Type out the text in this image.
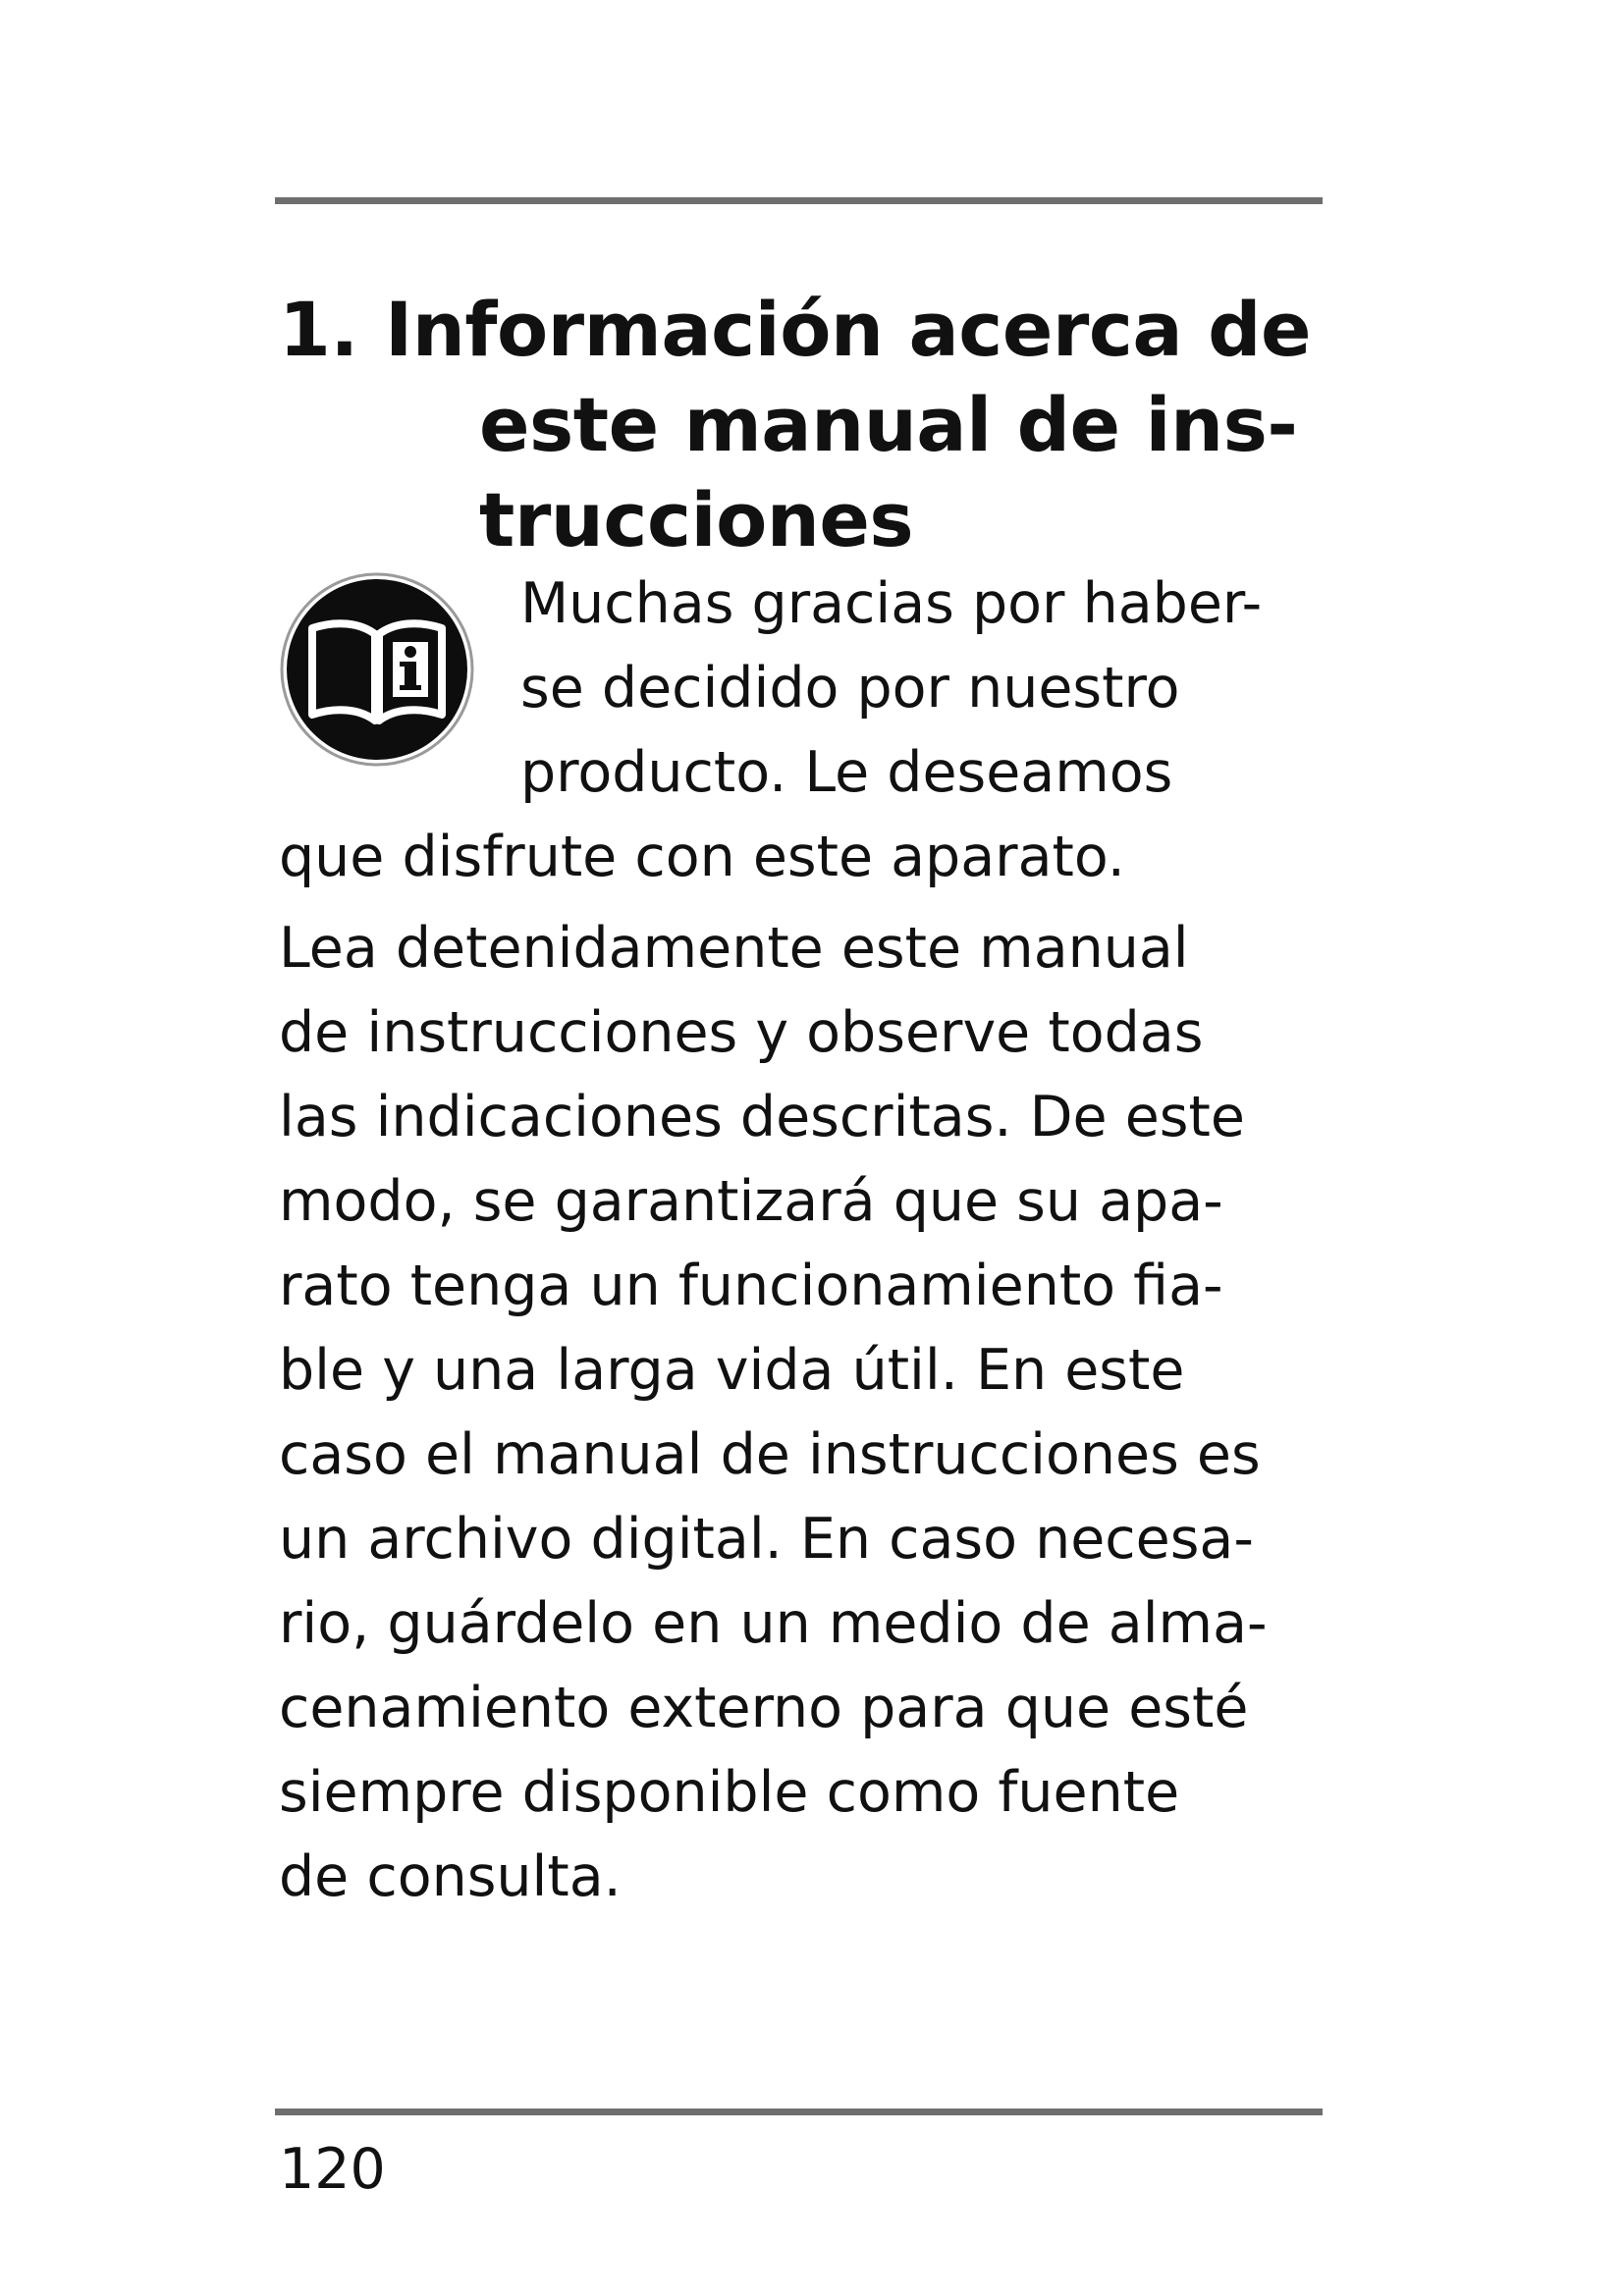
1. Información acerca de
este manual de ins-
trucciones
Muchas gracias por haber-
se decidido por nuestro
producto. Le deseamos
que disfrute con este aparato.
Lea detenidamente este manual
de instrucciones y observe todas
las indicaciones descritas. De este
modo, se garantizará que su apa-
rato tenga un funcionamiento fia-
ble y una larga vida útil. En este
caso el manual de instrucciones es
un archivo digital. En caso necesa-
rio, guárdelo en un medio de alma-
cenamiento externo para que esté
siempre disponible como fuente
de consulta.
120
